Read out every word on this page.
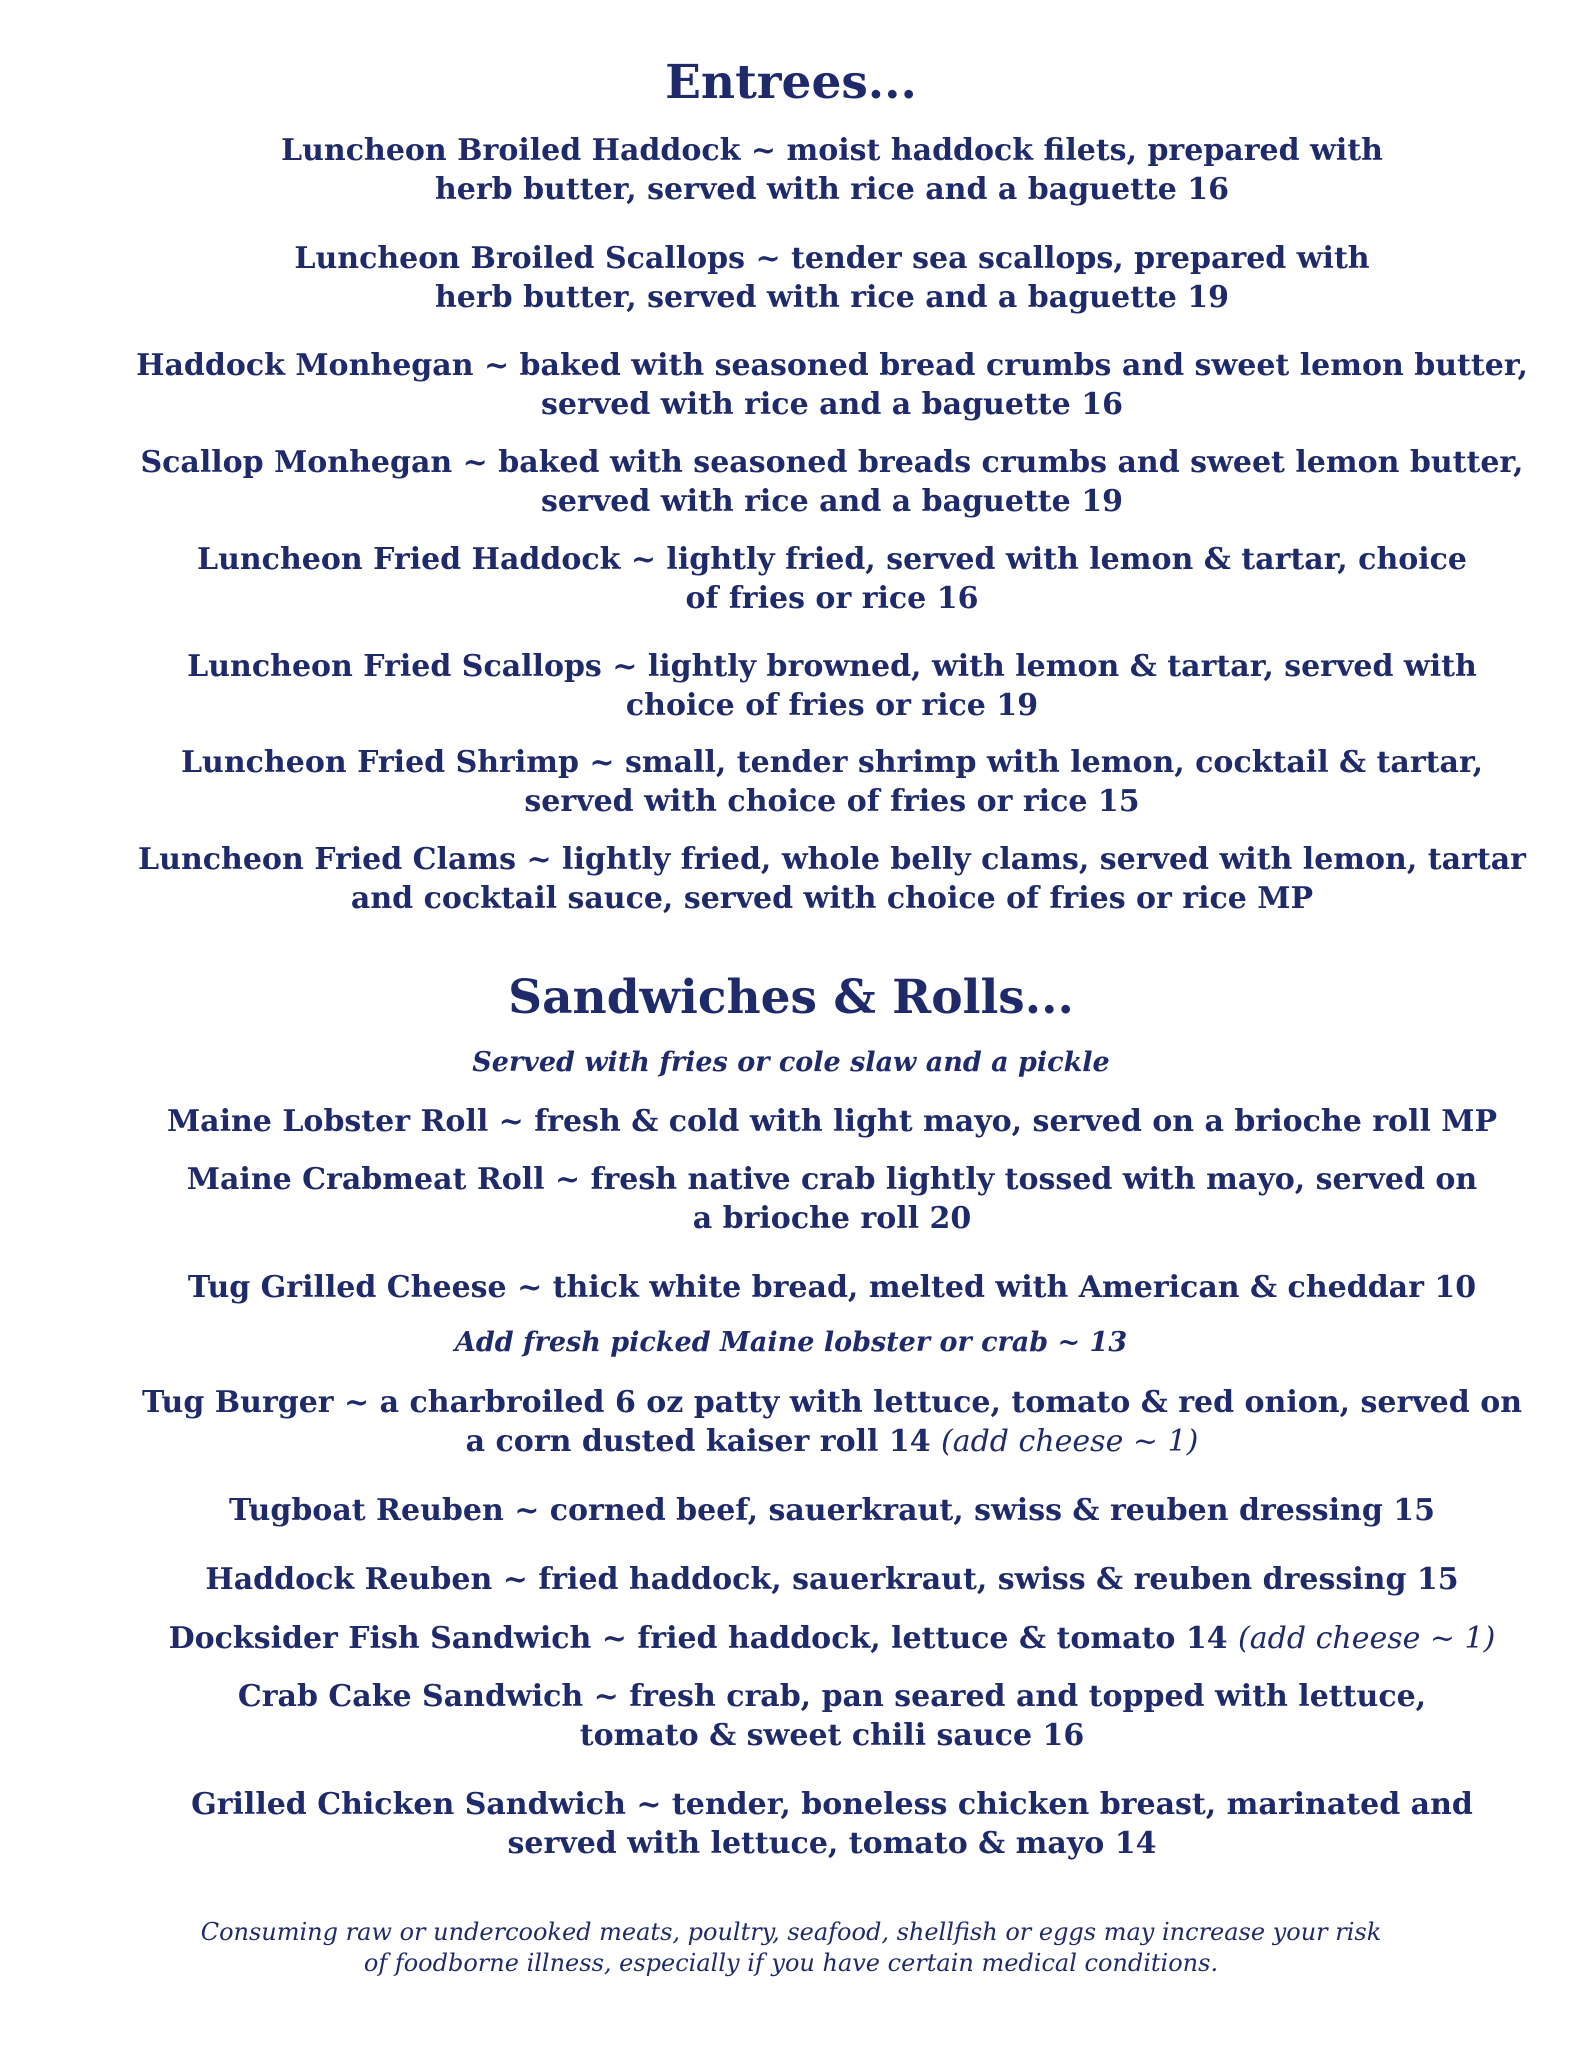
Entrees...
Luncheon Broiled Haddock ~ moist haddock filets, prepared with
herb butter, served with rice and a baguette 16
Luncheon Broiled Scallops ~ tender sea scallops, prepared with
herb butter, served with rice and a baguette 19
Haddock Monhegan ~ baked with seasoned bread crumbs and sweet lemon butter,
served with rice and a baguette 16
Scallop Monhegan ~ baked with seasoned breads crumbs and sweet lemon butter,
served with rice and a baguette 19
Luncheon Fried Haddock ~ lightly fried, served with lemon & tartar, choice
of fries or rice 16
Luncheon Fried Scallops ~ lightly browned, with lemon & tartar, served with
choice of fries or rice 19
Luncheon Fried Shrimp ~ small, tender shrimp with lemon, cocktail & tartar,
served with choice of fries or rice 15
Luncheon Fried Clams ~ lightly fried, whole belly clams, served with lemon, tartar
and cocktail sauce, served with choice of fries or rice MP
Sandwiches & Rolls...
Served with fries or cole slaw and a pickle
Maine Lobster Roll ~ fresh & cold with light mayo, served on a brioche roll MP
Maine Crabmeat Roll ~ fresh native crab lightly tossed with mayo, served on
a brioche roll 20
Tug Grilled Cheese ~ thick white bread, melted with American & cheddar 10
Add fresh picked Maine lobster or crab ~ 13
Tug Burger ~ a charbroiled 6 oz patty with lettuce, tomato & red onion, served on
a corn dusted kaiser roll 14 (add cheese ~ 1)
Tugboat Reuben ~ corned beef, sauerkraut, swiss & reuben dressing 15
Haddock Reuben ~ fried haddock, sauerkraut, swiss & reuben dressing 15
Docksider Fish Sandwich ~ fried haddock, lettuce & tomato 14 (add cheese ~ 1)
Crab Cake Sandwich ~ fresh crab, pan seared and topped with lettuce,
tomato & sweet chili sauce 16
Grilled Chicken Sandwich ~ tender, boneless chicken breast, marinated and
served with lettuce, tomato & mayo 14
Consuming raw or undercooked meats, poultry, seafood, shellfish or eggs may increase your risk
of foodborne illness, especially if you have certain medical conditions.
